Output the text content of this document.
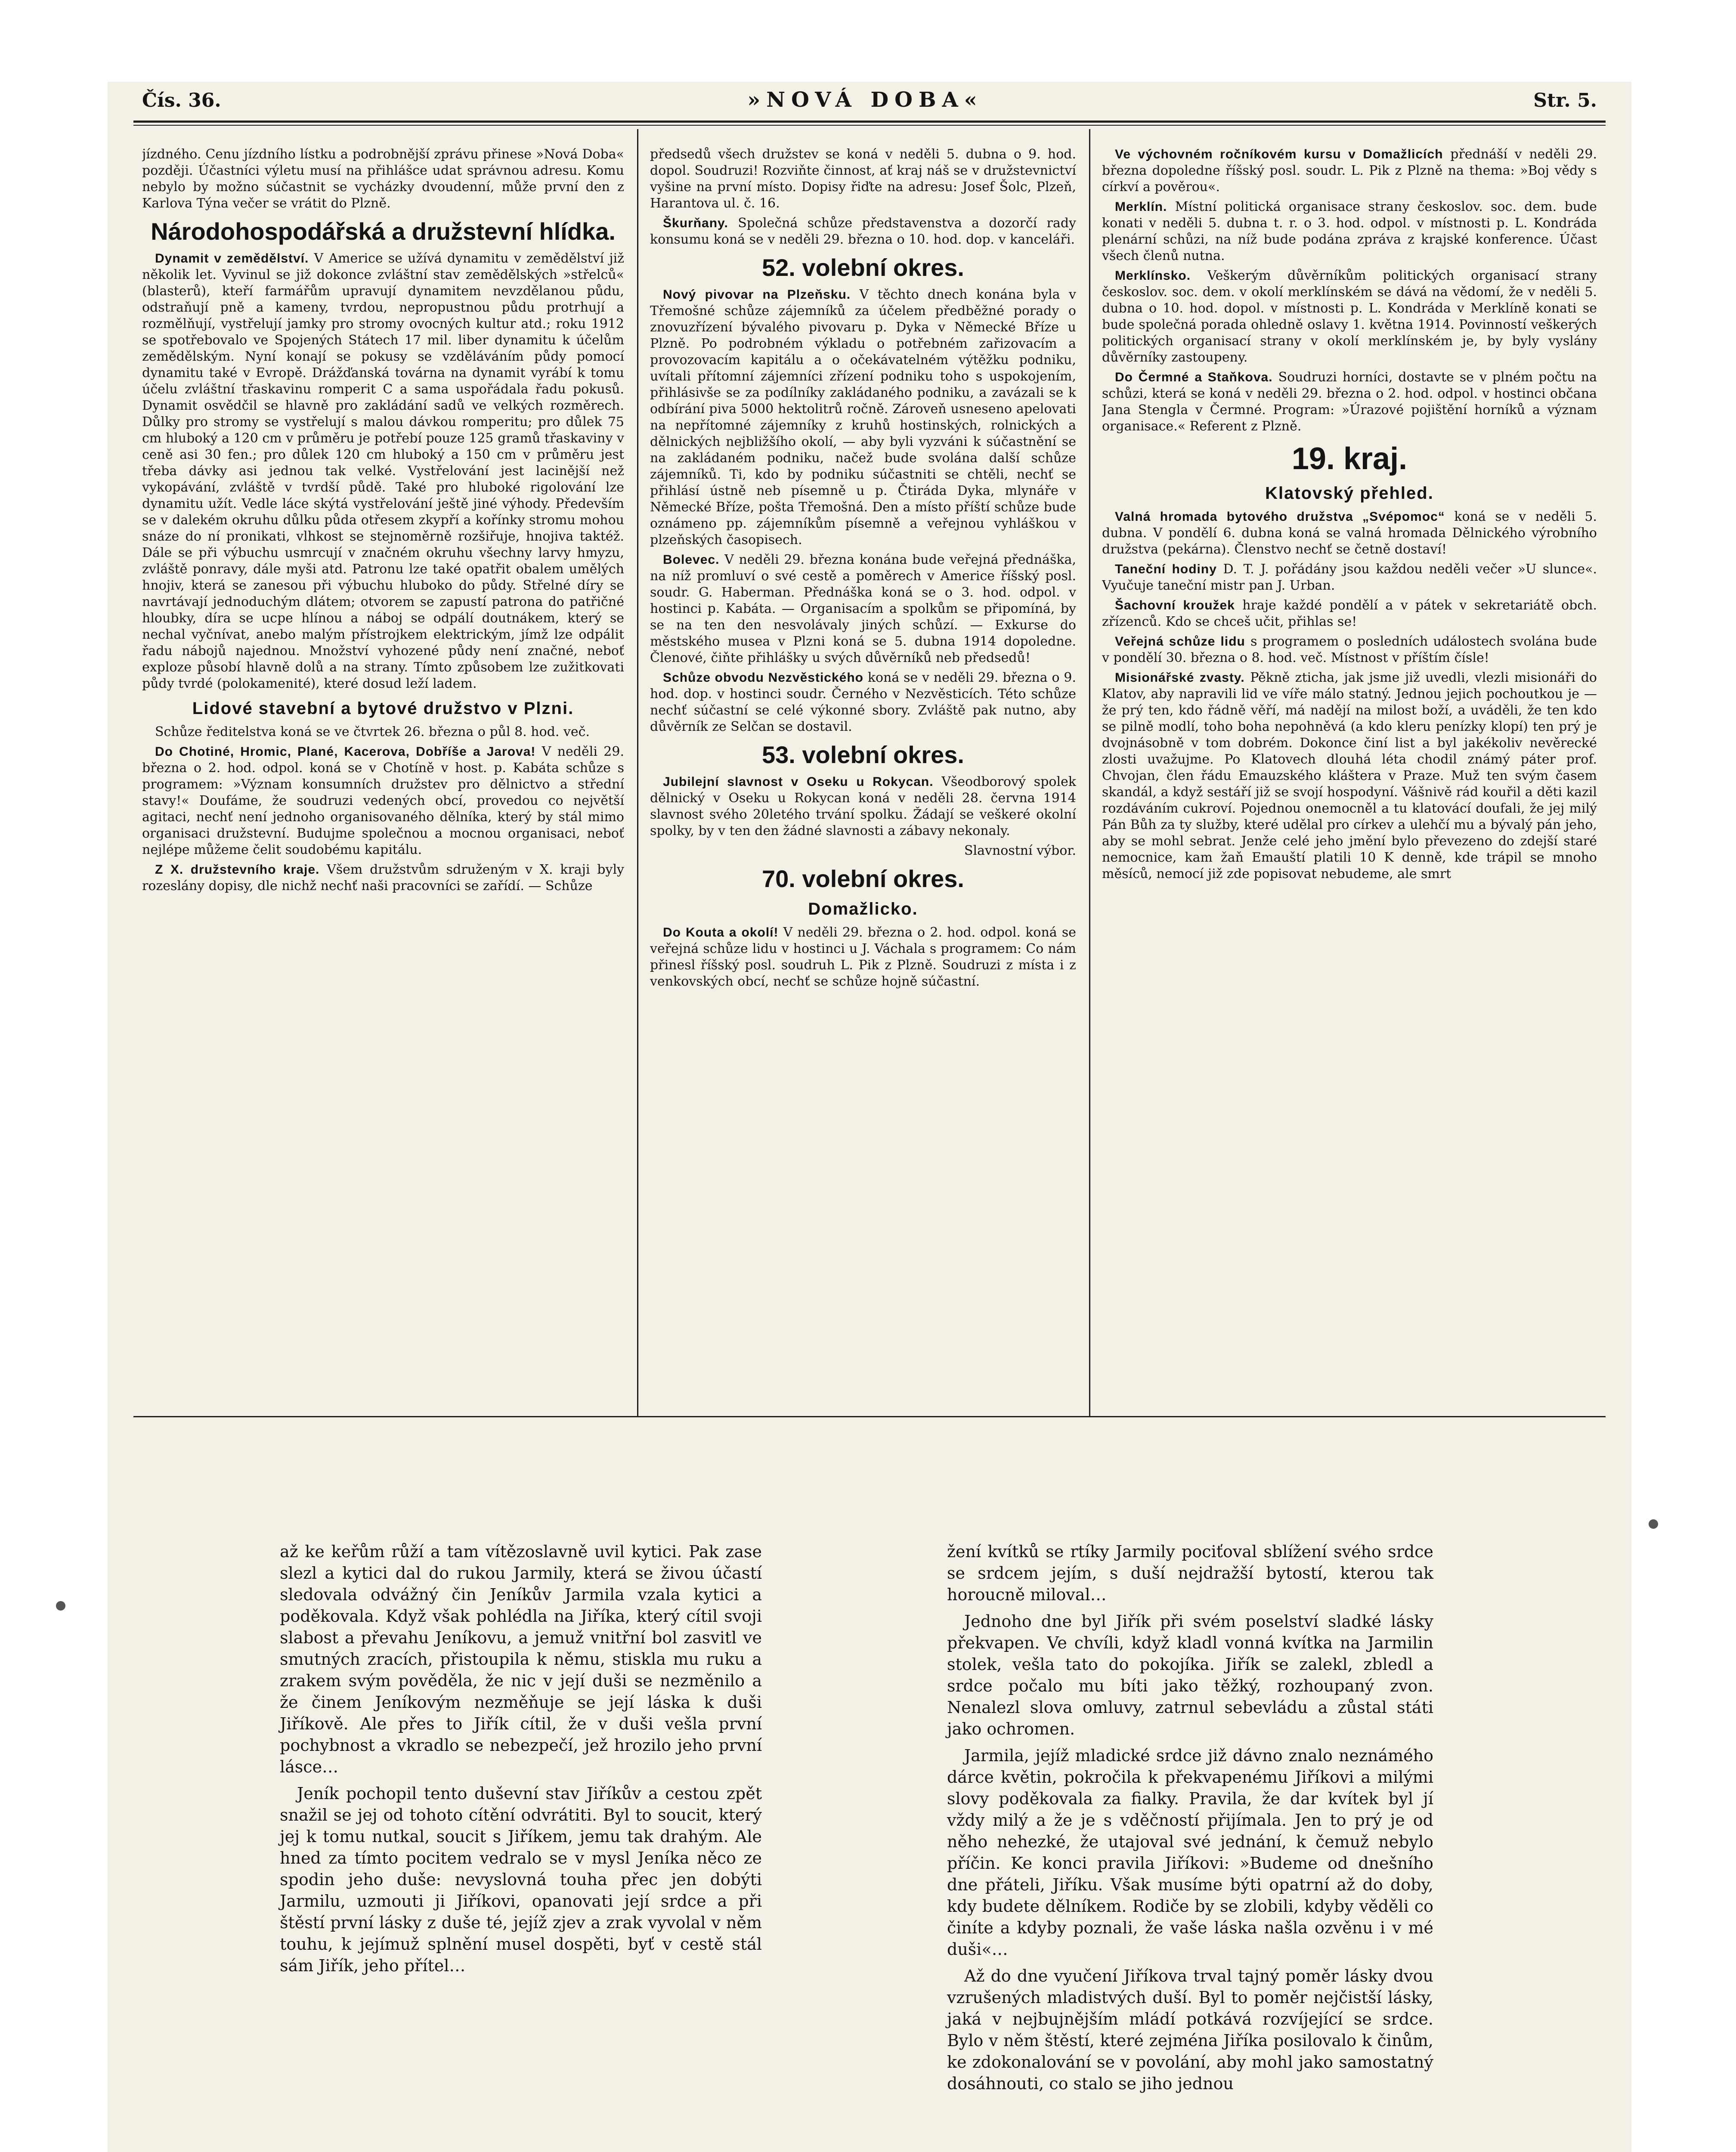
Čís. 36.	»NOVÁ DOBA«	Str. 5.

jízdného. Cenu jízdního lístku a podrobnější zprávu přinese »Nová Doba« později. Účastníci výletu musí na přihlášce udat správnou adresu. Komu nebylo by možno súčastnit se vycházky dvoudenní, může první den z Karlova Týna večer se vrátit do Plzně.

Národohospodářská a družstevní hlídka.

Dynamit v zemědělství. V Americe se užívá dynamitu v zemědělství již několik let. Vyvinul se již dokonce zvláštní stav zemědělských »střelců« (blasterů), kteří farmářům upravují dynamitem nevzdělanou půdu, odstraňují pně a kameny, tvrdou, nepropustnou půdu protrhují a rozmělňují, vystřelují jamky pro stromy ovocných kultur atd.; roku 1912 se spotřebovalo ve Spojených Státech 17 mil. liber dynamitu k účelům zemědělským. Nyní konají se pokusy se vzděláváním půdy pomocí dynamitu také v Evropě. Drážďanská továrna na dynamit vyrábí k tomu účelu zvláštní třaskavinu romperit C a sama uspořádala řadu pokusů. Dynamit osvědčil se hlavně pro zakládání sadů ve velkých rozměrech. Důlky pro stromy se vystřelují s malou dávkou romperitu; pro důlek 75 cm hluboký a 120 cm v průměru je potřebí pouze 125 gramů třaskaviny v ceně asi 30 fen.; pro důlek 120 cm hluboký a 150 cm v průměru jest třeba dávky asi jednou tak velké. Vystřelování jest lacinější než vykopávání, zvláště v tvrdší půdě. Také pro hluboké rigolování lze dynamitu užít. Vedle láce skýtá vystřelování ještě jiné výhody. Především se v dalekém okruhu důlku půda otřesem zkypří a kořínky stromu mohou snáze do ní pronikati, vlhkost se stejnoměrně rozšiřuje, hnojiva taktéž. Dále se při výbuchu usmrcují v značném okruhu všechny larvy hmyzu, zvláště ponravy, dále myši atd. Patronu lze také opatřit obalem umělých hnojiv, která se zanesou při výbuchu hluboko do půdy. Střelné díry se navrtávají jednoduchým dlátem; otvorem se zapustí patrona do patřičné hloubky, díra se ucpe hlínou a náboj se odpálí doutnákem, který se nechal vyčnívat, anebo malým přístrojkem elektrickým, jímž lze odpálit řadu nábojů najednou. Množství vyhozené půdy není značné, neboť exploze působí hlavně dolů a na strany. Tímto způsobem lze zužitkovati půdy tvrdé (polokamenité), které dosud leží ladem.

Lidové stavební a bytové družstvo v Plzni.

Schůze ředitelstva koná se ve čtvrtek 26. března o půl 8. hod. več.

Do Chotiné, Hromic, Plané, Kacerova, Dobříše a Jarova! V neděli 29. března o 2. hod. odpol. koná se v Chotíně v host. p. Kabáta schůze s programem: »Význam konsumních družstev pro dělnictvo a střední stavy!« Doufáme, že soudruzi vedených obcí, provedou co největší agitaci, nechť není jednoho organisovaného dělníka, který by stál mimo organisaci družstevní. Budujme společnou a mocnou organisaci, neboť nejlépe můžeme čelit soudobému kapitálu.

Z X. družstevního kraje. Všem družstvům sdruženým v X. kraji byly rozeslány dopisy, dle nichž nechť naši pracovníci se zařídí. — Schůze

předsedů všech družstev se koná v neděli 5. dubna o 9. hod. dopol. Soudruzi! Rozviňte činnost, ať kraj náš se v družstevnictví vyšine na první místo. Dopisy řiďte na adresu: Josef Šolc, Plzeň, Harantova ul. č. 16.

Škurňany. Společná schůze představenstva a dozorčí rady konsumu koná se v neděli 29. března o 10. hod. dop. v kanceláři.

52. volební okres.

Nový pivovar na Plzeňsku. V těchto dnech konána byla v Třemošné schůze zájemníků za účelem předběžné porady o znovuzřízení bývalého pivovaru p. Dyka v Německé Bříze u Plzně. Po podrobném výkladu o potřebném zařizovacím a provozovacím kapitálu a o očekávatelném výtěžku podniku, uvítali přítomní zájemníci zřízení podniku toho s uspokojením, přihlásivše se za podílníky zakládaného podniku, a zavázali se k odbírání piva 5000 hektolitrů ročně. Zároveň usneseno apelovati na nepřítomné zájemníky z kruhů hostinských, rolnických a dělnických nejbližšího okolí, — aby byli vyzváni k súčastnění se na zakládaném podniku, načež bude svolána další schůze zájemníků. Ti, kdo by podniku súčastniti se chtěli, nechť se přihlásí ústně neb písemně u p. Čtiráda Dyka, mlynáře v Německé Bříze, pošta Třemošná. Den a místo příští schůze bude oznámeno pp. zájemníkům písemně a veřejnou vyhláškou v plzeňských časopisech.

Bolevec. V neděli 29. března konána bude veřejná přednáška, na níž promluví o své cestě a poměrech v Americe říšský posl. soudr. G. Haberman. Přednáška koná se o 3. hod. odpol. v hostinci p. Kabáta. — Organisacím a spolkům se připomíná, by se na ten den nesvolávaly jiných schůzí. — Exkurse do městského musea v Plzni koná se 5. dubna 1914 dopoledne. Členové, čiňte přihlášky u svých důvěrníků neb předsedů!

Schůze obvodu Nezvěstického koná se v neděli 29. března o 9. hod. dop. v hostinci soudr. Černého v Nezvěsticích. Této schůze nechť súčastní se celé výkonné sbory. Zvláště pak nutno, aby důvěrník ze Selčan se dostavil.

53. volební okres.

Jubilejní slavnost v Oseku u Rokycan. Všeodborový spolek dělnický v Oseku u Rokycan koná v neděli 28. června 1914 slavnost svého 20letého trvání spolku. Žádají se veškeré okolní spolky, by v ten den žádné slavnosti a zábavy nekonaly.

Slavnostní výbor.

70. volební okres.
Domažlicko.

Do Kouta a okolí! V neděli 29. března o 2. hod. odpol. koná se veřejná schůze lidu v hostinci u J. Váchala s programem: Co nám přinesl říšský posl. soudruh L. Pik z Plzně. Soudruzi z místa i z venkovských obcí, nechť se schůze hojně súčastní.

Ve výchovném ročníkovém kursu v Domažlicích přednáší v neděli 29. března dopoledne říšský posl. soudr. L. Pik z Plzně na thema: »Boj vědy s církví a pověrou«.

Merklín. Místní politická organisace strany českoslov. soc. dem. bude konati v neděli 5. dubna t. r. o 3. hod. odpol. v místnosti p. L. Kondráda plenární schůzi, na níž bude podána zpráva z krajské konference. Účast všech členů nutna.

Merklínsko. Veškerým důvěrníkům politických organisací strany českoslov. soc. dem. v okolí merklínském se dává na vědomí, že v neděli 5. dubna o 10. hod. dopol. v místnosti p. L. Kondráda v Merklíně konati se bude společná porada ohledně oslavy 1. května 1914. Povinností veškerých politických organisací strany v okolí merklínském je, by byly vyslány důvěrníky zastoupeny.

Do Čermné a Staňkova. Soudruzi horníci, dostavte se v plném počtu na schůzi, která se koná v neděli 29. března o 2. hod. odpol. v hostinci občana Jana Stengla v Čermné. Program: »Úrazové pojištění horníků a význam organisace.« Referent z Plzně.

19. kraj.
Klatovský přehled.

Valná hromada bytového družstva „Svépomoc“ koná se v neděli 5. dubna. V pondělí 6. dubna koná se valná hromada Dělnického výrobního družstva (pekárna). Členstvo nechť se četně dostaví!

Taneční hodiny D. T. J. pořádány jsou každou neděli večer »U slunce«. Vyučuje taneční mistr pan J. Urban.

Šachovní kroužek hraje každé pondělí a v pátek v sekretariátě obch. zřízenců. Kdo se chceš učit, přihlas se!

Veřejná schůze lidu s programem o posledních událostech svolána bude v pondělí 30. března o 8. hod. več. Místnost v příštím čísle!

Misionářské zvasty. Pěkně zticha, jak jsme již uvedli, vlezli misionáři do Klatov, aby napravili lid ve víře málo statný. Jednou jejich pochoutkou je — že prý ten, kdo řádně věří, má nadějí na milost boží, a uváděli, že ten kdo se pilně modlí, toho boha nepohněvá (a kdo kleru penízky klopí) ten prý je dvojnásobně v tom dobrém. Dokonce činí list a byl jakékoliv nevěrecké zlosti uvažujme. Po Klatovech dlouhá léta chodil známý páter prof. Chvojan, člen řádu Emauzského kláštera v Praze. Muž ten svým časem skandál, a když sestáří již se svojí hospodyní. Vášnivě rád kouřil a děti kazil rozdáváním cukroví. Pojednou onemocněl a tu klatovácí doufali, že jej milý Pán Bůh za ty služby, které udělal pro církev a ulehčí mu a bývalý pán jeho, aby se mohl sebrat. Jenže celé jeho jmění bylo převezeno do zdejší staré nemocnice, kam žaň Emauští platili 10 K denně, kde trápil se mnoho měsíců, nemocí již zde popisovat nebudeme, ale smrt

až ke keřům růží a tam vítězoslavně uvil kytici. Pak zase slezl a kytici dal do rukou Jarmily, která se živou účastí sledovala odvážný čin Jeníkův Jarmila vzala kytici a poděkovala. Když však pohlédla na Jiříka, který cítil svoji slabost a převahu Jeníkovu, a jemuž vnitřní bol zasvitl ve smutných zracích, přistoupila k němu, stiskla mu ruku a zrakem svým pověděla, že nic v její duši se nezměnilo a že činem Jeníkovým nezměňuje se její láska k duši Jiříkově. Ale přes to Jiřík cítil, že v duši vešla první pochybnost a vkradlo se nebezpečí, jež hrozilo jeho první lásce…

Jeník pochopil tento duševní stav Jiříkův a cestou zpět snažil se jej od tohoto cítění odvrátiti. Byl to soucit, který jej k tomu nutkal, soucit s Jiříkem, jemu tak drahým. Ale hned za tímto pocitem vedralo se v mysl Jeníka něco ze spodin jeho duše: nevyslovná touha přec jen dobýti Jarmilu, uzmouti ji Jiříkovi, opanovati její srdce a při štěstí první lásky z duše té, jejíž zjev a zrak vyvolal v něm touhu, k jejímuž splnění musel dospěti, byť v cestě stál sám Jiřík, jeho přítel…

žení kvítků se rtíky Jarmily pociťoval sblížení svého srdce se srdcem jejím, s duší nejdražší bytostí, kterou tak horoucně miloval…

Jednoho dne byl Jiřík při svém poselství sladké lásky překvapen. Ve chvíli, když kladl vonná kvítka na Jarmilin stolek, vešla tato do pokojíka. Jiřík se zalekl, zbledl a srdce počalo mu bíti jako těžký, rozhoupaný zvon. Nenalezl slova omluvy, zatrnul sebevládu a zůstal státi jako ochromen.

Jarmila, jejíž mladické srdce již dávno znalo neznámého dárce květin, pokročila k překvapenému Jiříkovi a milými slovy poděkovala za fialky. Pravila, že dar kvítek byl jí vždy milý a že je s vděčností přijímala. Jen to prý je od něho nehezké, že utajoval své jednání, k čemuž nebylo příčin. Ke konci pravila Jiříkovi: »Budeme od dnešního dne přáteli, Jiříku. Však musíme býti opatrní až do doby, kdy budete dělníkem. Rodiče by se zlobili, kdyby věděli co činíte a kdyby poznali, že vaše láska našla ozvěnu i v mé duši«…

Až do dne vyučení Jiříkova trval tajný poměr lásky dvou vzrušených mladistvých duší. Byl to poměr nejčistší lásky, jaká v nejbujnějším mládí potkává rozvíjející se srdce. Bylo v něm štěstí, které zejména Jiříka posilovalo k činům, ke zdokonalování se v povolání, aby mohl jako samostatný dosáhnouti, co stalo se jiho jednou
